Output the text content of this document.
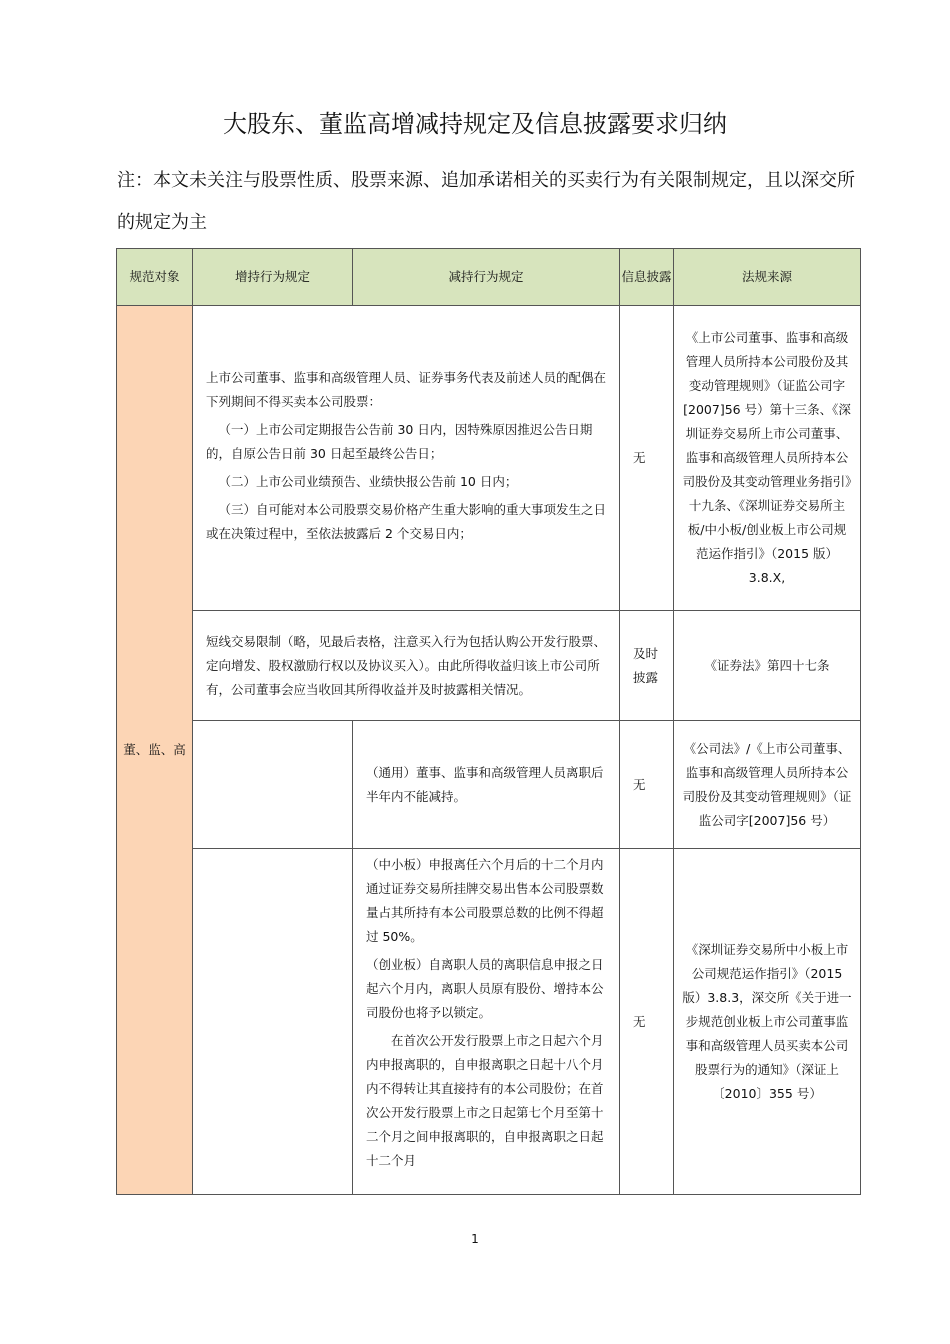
大股东、董监高增减持规定及信息披露要求归纳
注：本文未关注与股票性质、股票来源、追加承诺相关的买卖行为有关限制规定，且以深交所的规定为主
规范对象	增持行为规定	减持行为规定	信息披露	法规来源
董、监、高	上市公司董事、监事和高级管理人员、证券事务代表及前述人员的配偶在下列期间不得买卖本公司股票：

（一）上市公司定期报告公告前 30 日内，因特殊原因推迟公告日期的，自原公告日前 30 日起至最终公告日；

（二）上市公司业绩预告、业绩快报公告前 10 日内；

（三）自可能对本公司股票交易价格产生重大影响的重大事项发生之日或在决策过程中，至依法披露后 2 个交易日内；		无	《上市公司董事、监事和高级管理人员所持本公司股份及其变动管理规则》（证监公司字[2007]56 号）第十三条、《深圳证券交易所上市公司董事、监事和高级管理人员所持本公司股份及其变动管理业务指引》十九条、《深圳证券交易所主板/中小板/创业板上市公司规范运作指引》（2015 版）3.8.X,
	短线交易限制（略，见最后表格，注意买入行为包括认购公开发行股票、定向增发、股权激励行权以及协议买入）。由此所得收益归该上市公司所有，公司董事会应当收回其所得收益并及时披露相关情况。		及时披露	《证券法》第四十七条
		（通用）董事、监事和高级管理人员离职后半年内不能减持。	无	《公司法》/《上市公司董事、监事和高级管理人员所持本公司股份及其变动管理规则》（证监公司字[2007]56 号）

		（中小板）申报离任六个月后的十二个月内通过证券交易所挂牌交易出售本公司股票数量占其所持有本公司股票总数的比例不得超过 50%。

（创业板）自离职人员的离职信息申报之日起六个月内，离职人员原有股份、增持本公司股份也将予以锁定。

在首次公开发行股票上市之日起六个月内申报离职的，自申报离职之日起十八个月内不得转让其直接持有的本公司股份；在首次公开发行股票上市之日起第七个月至第十二个月之间申报离职的，自申报离职之日起十二个月	无	《深圳证券交易所中小板上市公司规范运作指引》（2015 版）3.8.3，深交所《关于进一步规范创业板上市公司董事监事和高级管理人员买卖本公司股票行为的通知》（深证上〔2010〕355 号）
1
